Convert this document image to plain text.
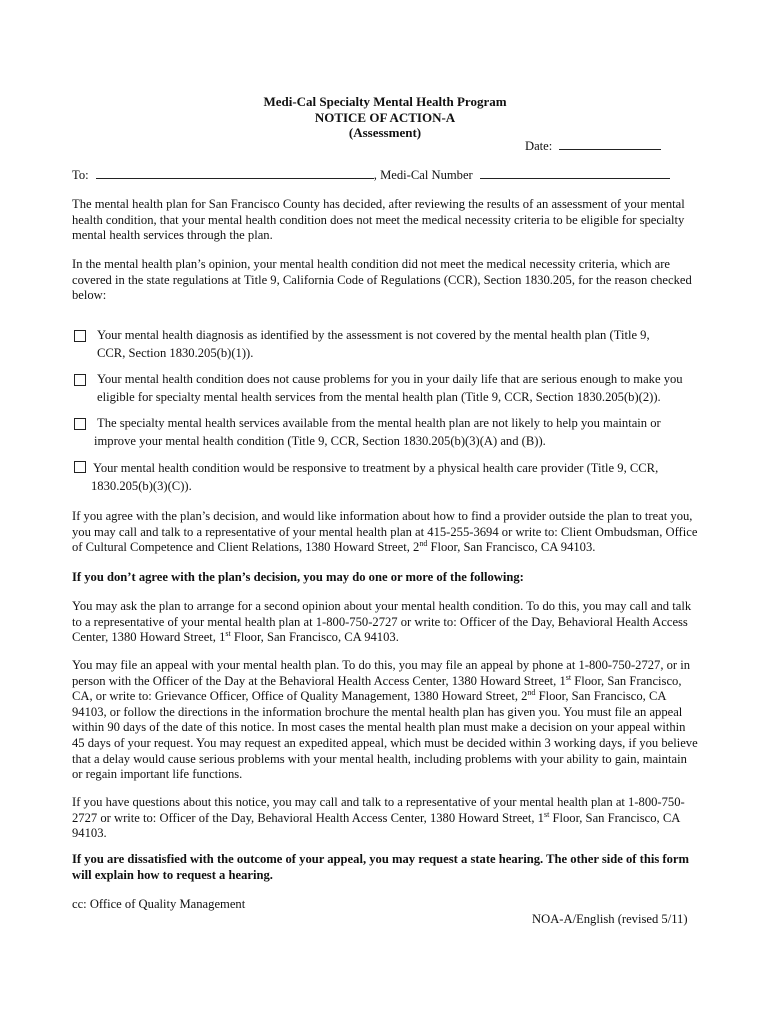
Medi-Cal Specialty Mental Health Program
NOTICE OF ACTION-A
(Assessment)
Date:
To:	, Medi-Cal Number
The mental health plan for San Francisco County has decided, after reviewing the results of an assessment of your mental health condition, that your mental health condition does not meet the medical necessity criteria to be eligible for specialty mental health services through the plan.
In the mental health plan’s opinion, your mental health condition did not meet the medical necessity criteria, which are covered in the state regulations at Title 9, California Code of Regulations (CCR), Section 1830.205, for the reason checked below:
Your mental health diagnosis as identified by the assessment is not covered by the mental health plan (Title 9,
CCR, Section 1830.205(b)(1)).
Your mental health condition does not cause problems for you in your daily life that are serious enough to make you
eligible for specialty mental health services from the mental health plan (Title 9, CCR, Section 1830.205(b)(2)).
The specialty mental health services available from the mental health plan are not likely to help you maintain or
improve your mental health condition (Title 9, CCR, Section 1830.205(b)(3)(A) and (B)).
Your mental health condition would be responsive to treatment by a physical health care provider (Title 9, CCR,
1830.205(b)(3)(C)).
If you agree with the plan’s decision, and would like information about how to find a provider outside the plan to treat you, you may call and talk to a representative of your mental health plan at 415-255-3694 or write to: Client Ombudsman, Office of Cultural Competence and Client Relations, 1380 Howard Street, 2nd Floor, San Francisco, CA 94103.
If you don’t agree with the plan’s decision, you may do one or more of the following:
You may ask the plan to arrange for a second opinion about your mental health condition. To do this, you may call and talk to a representative of your mental health plan at 1-800-750-2727 or write to: Officer of the Day, Behavioral Health Access Center, 1380 Howard Street, 1st Floor, San Francisco, CA 94103.
You may file an appeal with your mental health plan. To do this, you may file an appeal by phone at 1-800-750-2727, or in person with the Officer of the Day at the Behavioral Health Access Center, 1380 Howard Street, 1st Floor, San Francisco, CA, or write to: Grievance Officer, Office of Quality Management, 1380 Howard Street, 2nd Floor, San Francisco, CA 94103, or follow the directions in the information brochure the mental health plan has given you. You must file an appeal within 90 days of the date of this notice. In most cases the mental health plan must make a decision on your appeal within 45 days of your request. You may request an expedited appeal, which must be decided within 3 working days, if you believe that a delay would cause serious problems with your mental health, including problems with your ability to gain, maintain or regain important life functions.
If you have questions about this notice, you may call and talk to a representative of your mental health plan at 1-800-750-2727 or write to: Officer of the Day, Behavioral Health Access Center, 1380 Howard Street, 1st Floor, San Francisco, CA 94103.
If you are dissatisfied with the outcome of your appeal, you may request a state hearing. The other side of this form will explain how to request a hearing.
cc: Office of Quality Management
NOA-A/English (revised 5/11)
